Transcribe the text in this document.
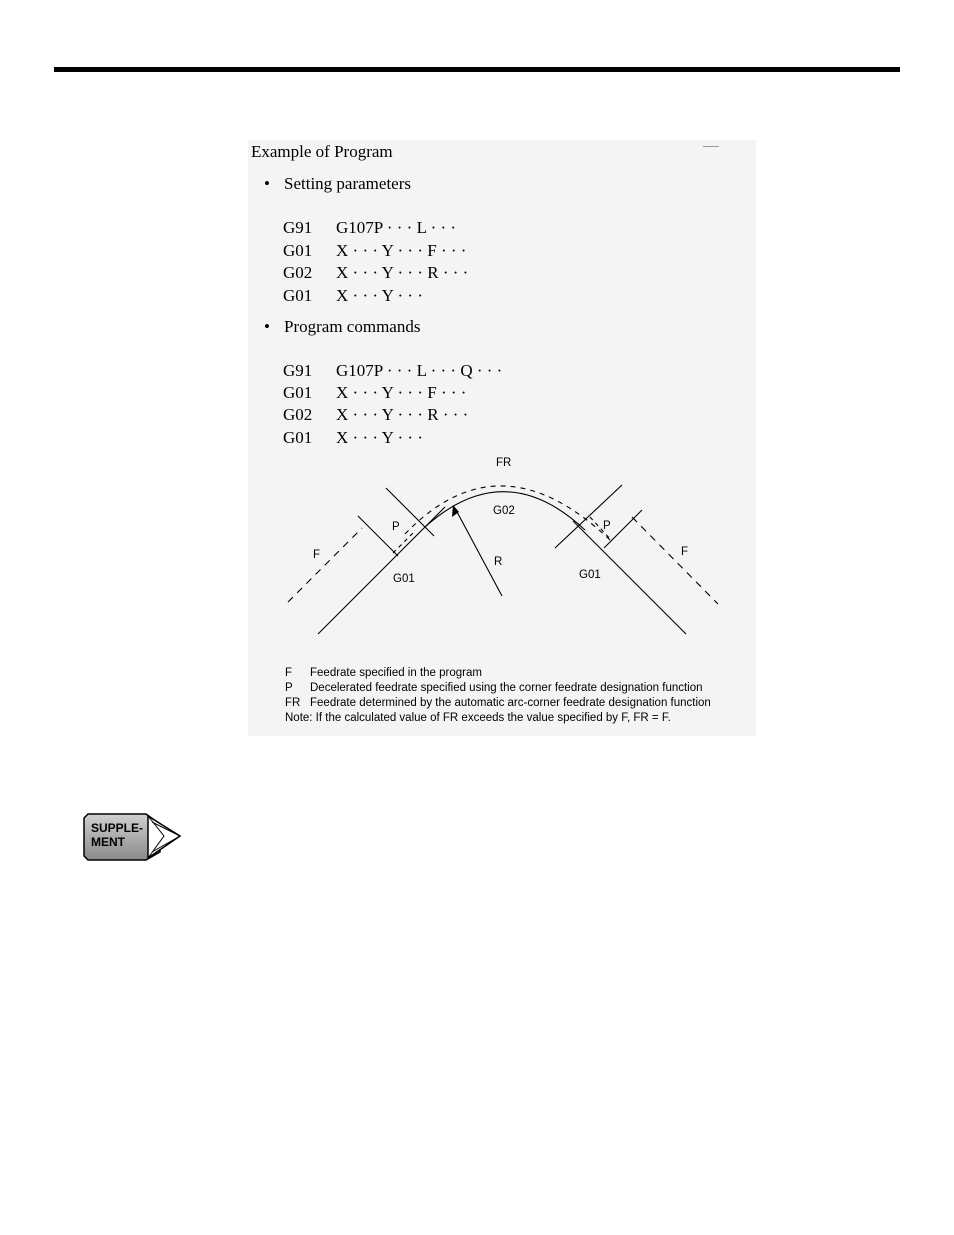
Example of Program
• Setting parameters
G91 G107P · · · L · · ·
G01 X · · · Y · · · F · · ·
G02 X · · · Y · · · R · · ·
G01 X · · · Y · · ·
• Program commands
G91 G107P · · · L · · · Q · · ·
G01 X · · · Y · · · F · · ·
G02 X · · · Y · · · R · · ·
G01 X · · · Y · · ·
FR
G02
R
P	P
F	F
G01	G01
F Feedrate specified in the program
P Decelerated feedrate specified using the corner feedrate designation function
FR Feedrate determined by the automatic arc-corner feedrate designation function
Note: If the calculated value of FR exceeds the value specified by F, FR = F.
SUPPLE-
MENT
